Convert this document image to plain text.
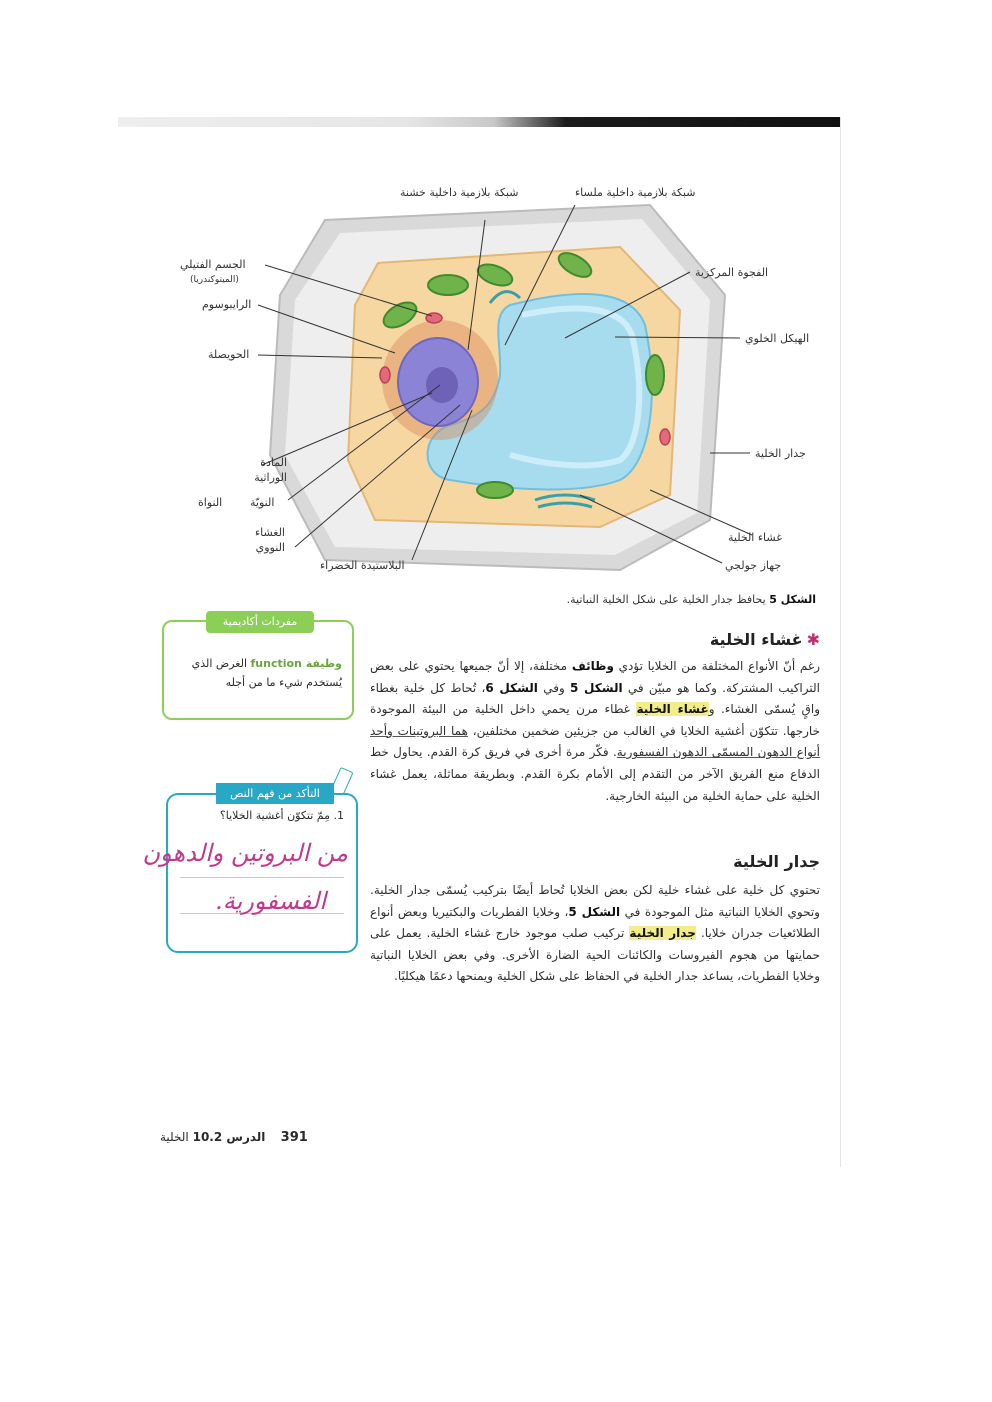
شبكة بلازمية داخلية خشنة	شبكة بلازمية داخلية ملساء
الجسم الفتيلي
(الميتوكندريا)
الرايبوسوم
الحويصلة
المادة الوراثية
النويّة
النواة
الغشاء النووي
البلاستيدة الخضراء
الفجوة المركزية
الهيكل الخلوي
جدار الخلية
غشاء الخلية
جهاز جولجي
الشكل 5 يحافظ جدار الخلية على شكل الخلية النباتية.
✱غشاء الخلية
رغم أنّ الأنواع المختلفة من الخلايا تؤدي وظائف مختلفة، إلا أنّ جميعها يحتوي على بعض التراكيب المشتركة. وكما هو مبيّن في الشكل 5 وفي الشكل 6، تُحاط كل خلية بغطاء واقٍ يُسمّى الغشاء. وغشاء الخلية غطاء مرن يحمي داخل الخلية من البيئة الموجودة خارجها. تتكوّن أغشية الخلايا في الغالب من جزيئين ضخمين مختلفين، هما البروتينات وأحد أنواع الدهون المسمّى الدهون الفسفورية. فكّر مرة أخرى في فريق كرة القدم. يحاول خط الدفاع منع الفريق الآخر من التقدم إلى الأمام بكرة القدم. وبطريقة مماثلة، يعمل غشاء الخلية على حماية الخلية من البيئة الخارجية.
جدار الخلية
تحتوي كل خلية على غشاء خلية لكن بعض الخلايا تُحاط أيضًا بتركيب يُسمّى جدار الخلية. وتحوي الخلايا النباتية مثل الموجودة في الشكل 5، وخلايا الفطريات والبكتيريا وبعض أنواع الطلائعيات جدران خلايا. جدار الخلية تركيب صلب موجود خارج غشاء الخلية. يعمل على حمايتها من هجوم الفيروسات والكائنات الحية الضارة الأخرى. وفي بعض الخلايا النباتية وخلايا الفطريات، يساعد جدار الخلية في الحفاظ على شكل الخلية ويمنحها دعمًا هيكليًا.
مفردات أكاديمية
وظيفة function الغرض الذي يُستخدم شيء ما من أجله
التأكد من فهم النص
1. مِمّ تتكوّن أغشية الخلايا؟
من البروتين والدهون
الفسفورية.
391    الدرس 10.2 الخلية
